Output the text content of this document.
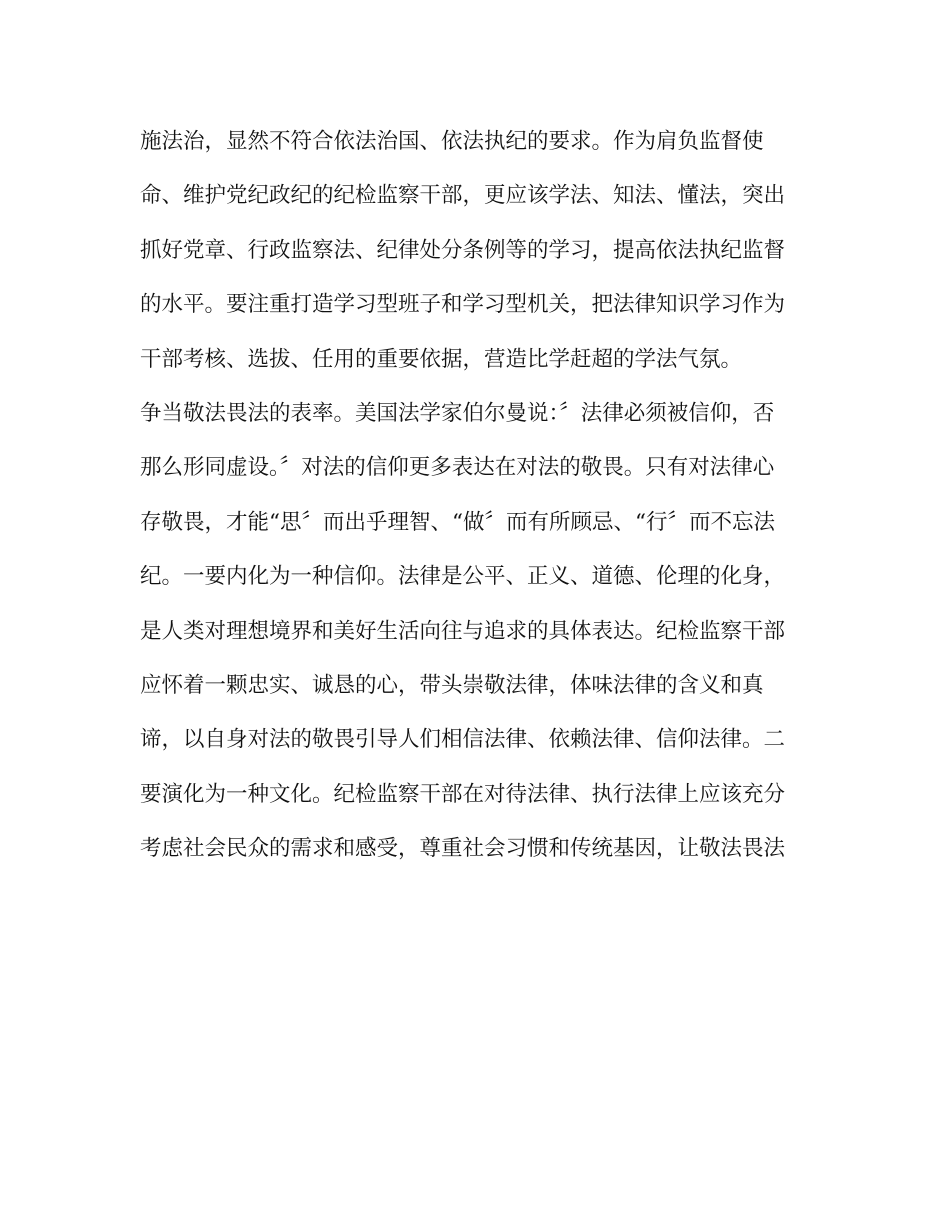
施法治，显然不符合依法治国、依法执纪的要求。作为肩负监督使
命、维护党纪政纪的纪检监察干部，更应该学法、知法、懂法，突出
抓好党章、行政监察法、纪律处分条例等的学习，提高依法执纪监督
的水平。要注重打造学习型班子和学习型机关，把法律知识学习作为
干部考核、选拔、任用的重要依据，营造比学赶超的学法气氛。
争当敬法畏法的表率。美国法学家伯尔曼说：〞法律必须被信仰，否
那么形同虚设。〞对法的信仰更多表达在对法的敬畏。只有对法律心
存敬畏，才能“思〞而出乎理智、“做〞而有所顾忌、“行〞而不忘法
纪。一要内化为一种信仰。法律是公平、正义、道德、伦理的化身，
是人类对理想境界和美好生活向往与追求的具体表达。纪检监察干部
应怀着一颗忠实、诚恳的心，带头崇敬法律，体味法律的含义和真
谛，以自身对法的敬畏引导人们相信法律、依赖法律、信仰法律。二
要演化为一种文化。纪检监察干部在对待法律、执行法律上应该充分
考虑社会民众的需求和感受，尊重社会习惯和传统基因，让敬法畏法
